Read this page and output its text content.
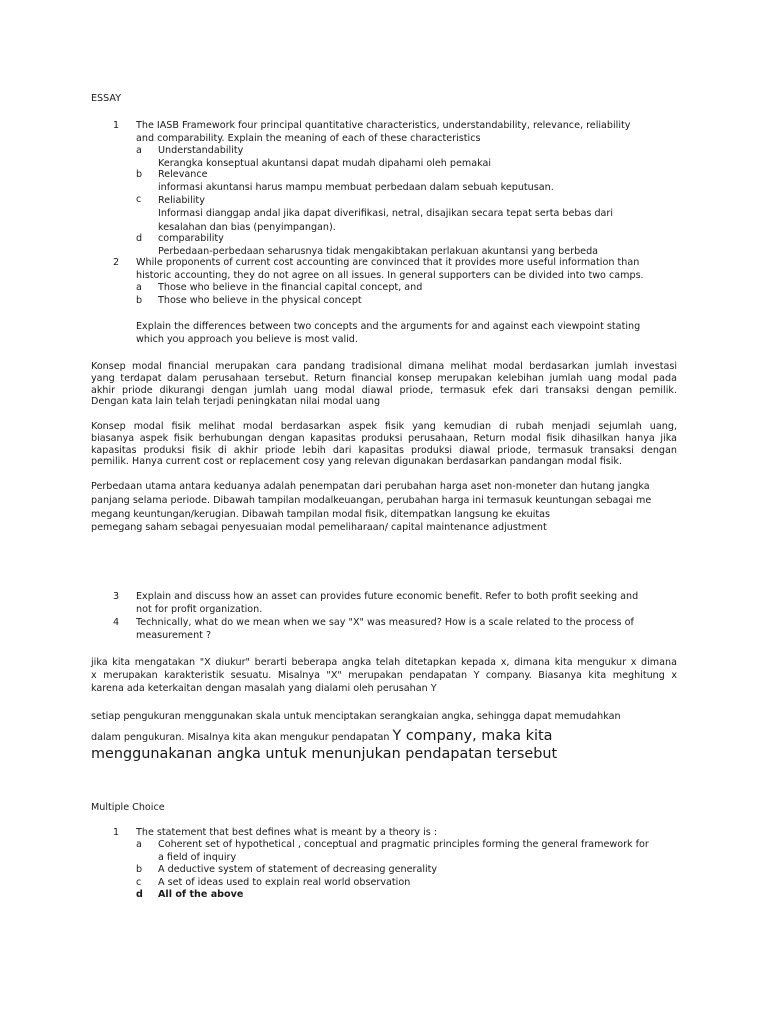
ESSAY
1 The IASB Framework four principal quantitative characteristics, understandability, relevance, reliability
and comparability. Explain the meaning of each of these characteristics
a Understandability
Kerangka konseptual akuntansi dapat mudah dipahami oleh pemakai
b Relevance
informasi akuntansi harus mampu membuat perbedaan dalam sebuah keputusan.
c Reliability
Informasi dianggap andal jika dapat diverifikasi, netral, disajikan secara tepat serta bebas dari
kesalahan dan bias (penyimpangan).
d comparability
Perbedaan-perbedaan seharusnya tidak mengakibtakan perlakuan akuntansi yang berbeda
2 While proponents of current cost accounting are convinced that it provides more useful information than
historic accounting, they do not agree on all issues. In general supporters can be divided into two camps.
a Those who believe in the financial capital concept, and
b Those who believe in the physical concept
Explain the differences between two concepts and the arguments for and against each viewpoint stating
which you approach you believe is most valid.
Konsep modal financial merupakan cara pandang tradisional dimana melihat modal berdasarkan jumlah investasi
yang terdapat dalam perusahaan tersebut. Return financial konsep merupakan kelebihan jumlah uang modal pada
akhir priode dikurangi dengan jumlah uang modal diawal priode, termasuk efek dari transaksi dengan pemilik.
Dengan kata lain telah terjadi peningkatan nilai modal uang
Konsep modal fisik melihat modal berdasarkan aspek fisik yang kemudian di rubah menjadi sejumlah uang,
biasanya aspek fisik berhubungan dengan kapasitas produksi perusahaan, Return modal fisik dihasilkan hanya jika
kapasitas produksi fisik di akhir priode lebih dari kapasitas produksi diawal priode, termasuk transaksi dengan
pemilik. Hanya current cost or replacement cosy yang relevan digunakan berdasarkan pandangan modal fisik.
Perbedaan utama antara keduanya adalah penempatan dari perubahan harga aset non-moneter dan hutang jangka
panjang selama periode. Dibawah tampilan modalkeuangan, perubahan harga ini termasuk keuntungan sebagai me
megang keuntungan/kerugian. Dibawah tampilan modal fisik, ditempatkan langsung ke ekuitas
pemegang saham sebagai penyesuaian modal pemeliharaan/ capital maintenance adjustment
3 Explain and discuss how an asset can provides future economic benefit. Refer to both profit seeking and
not for profit organization.
4 Technically, what do we mean when we say "X" was measured? How is a scale related to the process of
measurement ?
jika kita mengatakan "X diukur" berarti beberapa angka telah ditetapkan kepada x, dimana kita mengukur x dimana
x merupakan karakteristik sesuatu. Misalnya "X" merupakan pendapatan Y company. Biasanya kita meghitung x
karena ada keterkaitan dengan masalah yang dialami oleh perusahan Y
setiap pengukuran menggunakan skala untuk menciptakan serangkaian angka, sehingga dapat memudahkan
dalam pengukuran. Misalnya kita akan mengukur pendapatan Y company, maka kita
menggunakanan angka untuk menunjukan pendapatan tersebut
Multiple Choice
1 The statement that best defines what is meant by a theory is :
a Coherent set of hypothetical , conceptual and pragmatic principles forming the general framework for
a field of inquiry
b A deductive system of statement of decreasing generality
c A set of ideas used to explain real world observation
d All of the above
